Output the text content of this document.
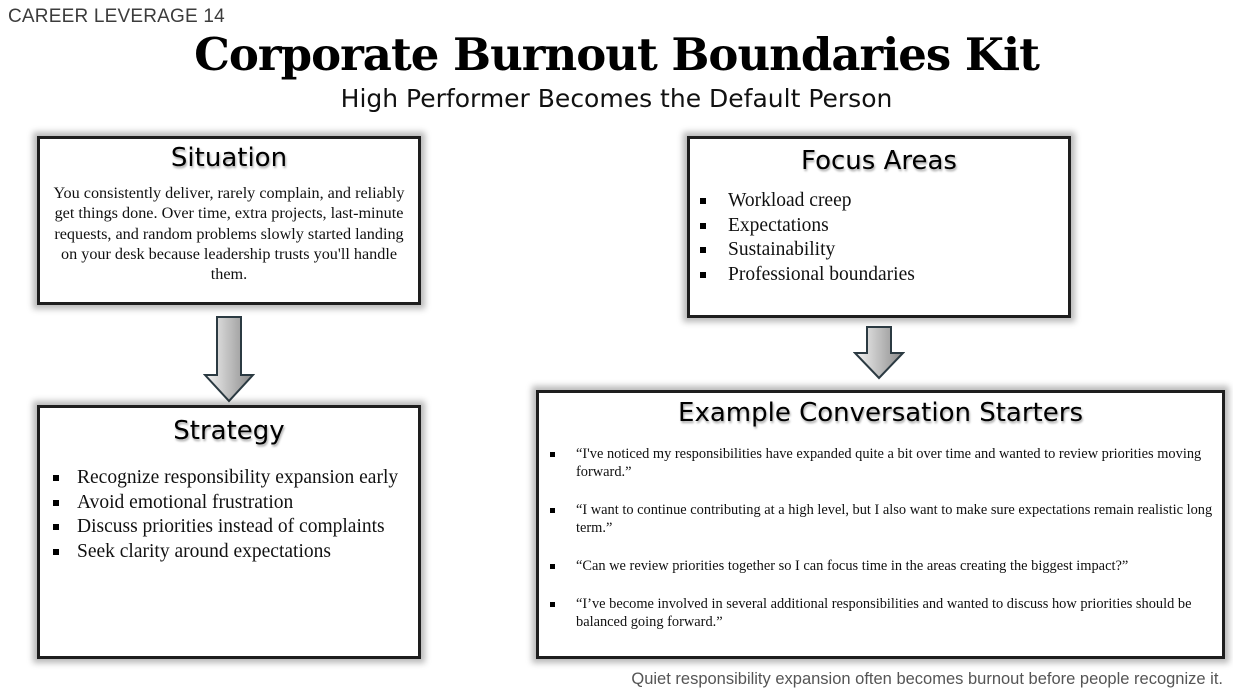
CAREER LEVERAGE 14
Corporate Burnout Boundaries Kit
High Performer Becomes the Default Person
Situation
You consistently deliver, rarely complain, and reliably get things done. Over time, extra projects, last-minute requests, and random problems slowly started landing on your desk because leadership trusts you'll handle them.
Focus Areas
Workload creep
Expectations
Sustainability
Professional boundaries
Strategy
Recognize responsibility expansion early
Avoid emotional frustration
Discuss priorities instead of complaints
Seek clarity around expectations
Example Conversation Starters
“I've noticed my responsibilities have expanded quite a bit over time and wanted to review priorities moving forward.”
“I want to continue contributing at a high level, but I also want to make sure expectations remain realistic long term.”
“Can we review priorities together so I can focus time in the areas creating the biggest impact?”
“I’ve become involved in several additional responsibilities and wanted to discuss how priorities should be balanced going forward.”
Quiet responsibility expansion often becomes burnout before people recognize it.
